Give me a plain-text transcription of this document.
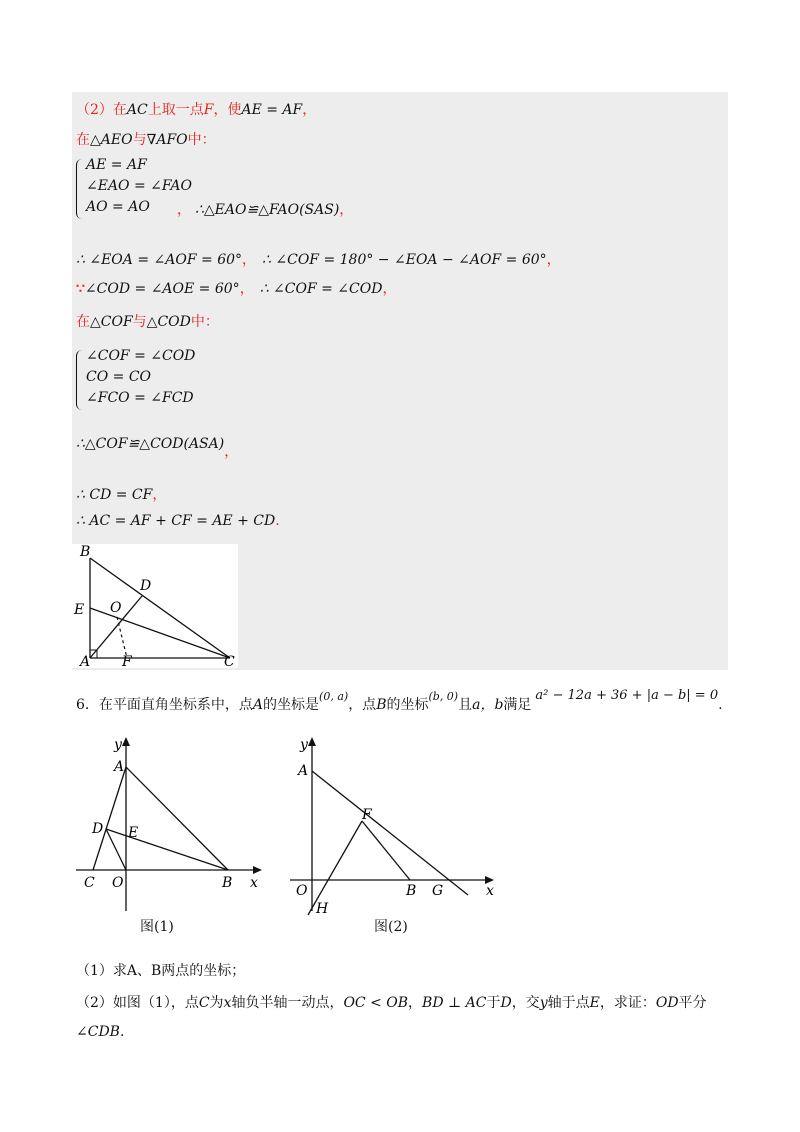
（2）在AC上取一点F，使AE = AF，
在△AEO与∇AFO中：
AE = AF
∠EAO = ∠FAO
AO = AO ， ∴△EAO≌△FAO(SAS)，
∴ ∠EOA = ∠AOF = 60°， ∴ ∠COF = 180° − ∠EOA − ∠AOF = 60°，
∵∠COD = ∠AOE = 60°， ∴ ∠COF = ∠COD，
在△COF与△COD中：
∠COF = ∠COD
CO = CO
∠FCO = ∠FCD
∴△COF≌△COD(ASA)，
∴ CD = CF，
∴ AC = AF + CF = AE + CD.
B
D
E O
A F	C
6．在平面直角坐标系中，点A的坐标是$^{(0, a)}$，点B的坐标$^{(b, 0)}$且a，b满足a² − 12a + 36 + |a − b| = 0.
y
A
D E
C O	B x
图(1)
y
A
F
O	B G	x
H
图(2)
（1）求A、B两点的坐标；
（2）如图（1），点C为x轴负半轴一动点，OC < OB，BD ⊥ AC于D，交y轴于点E，求证：OD平分
∠CDB.
